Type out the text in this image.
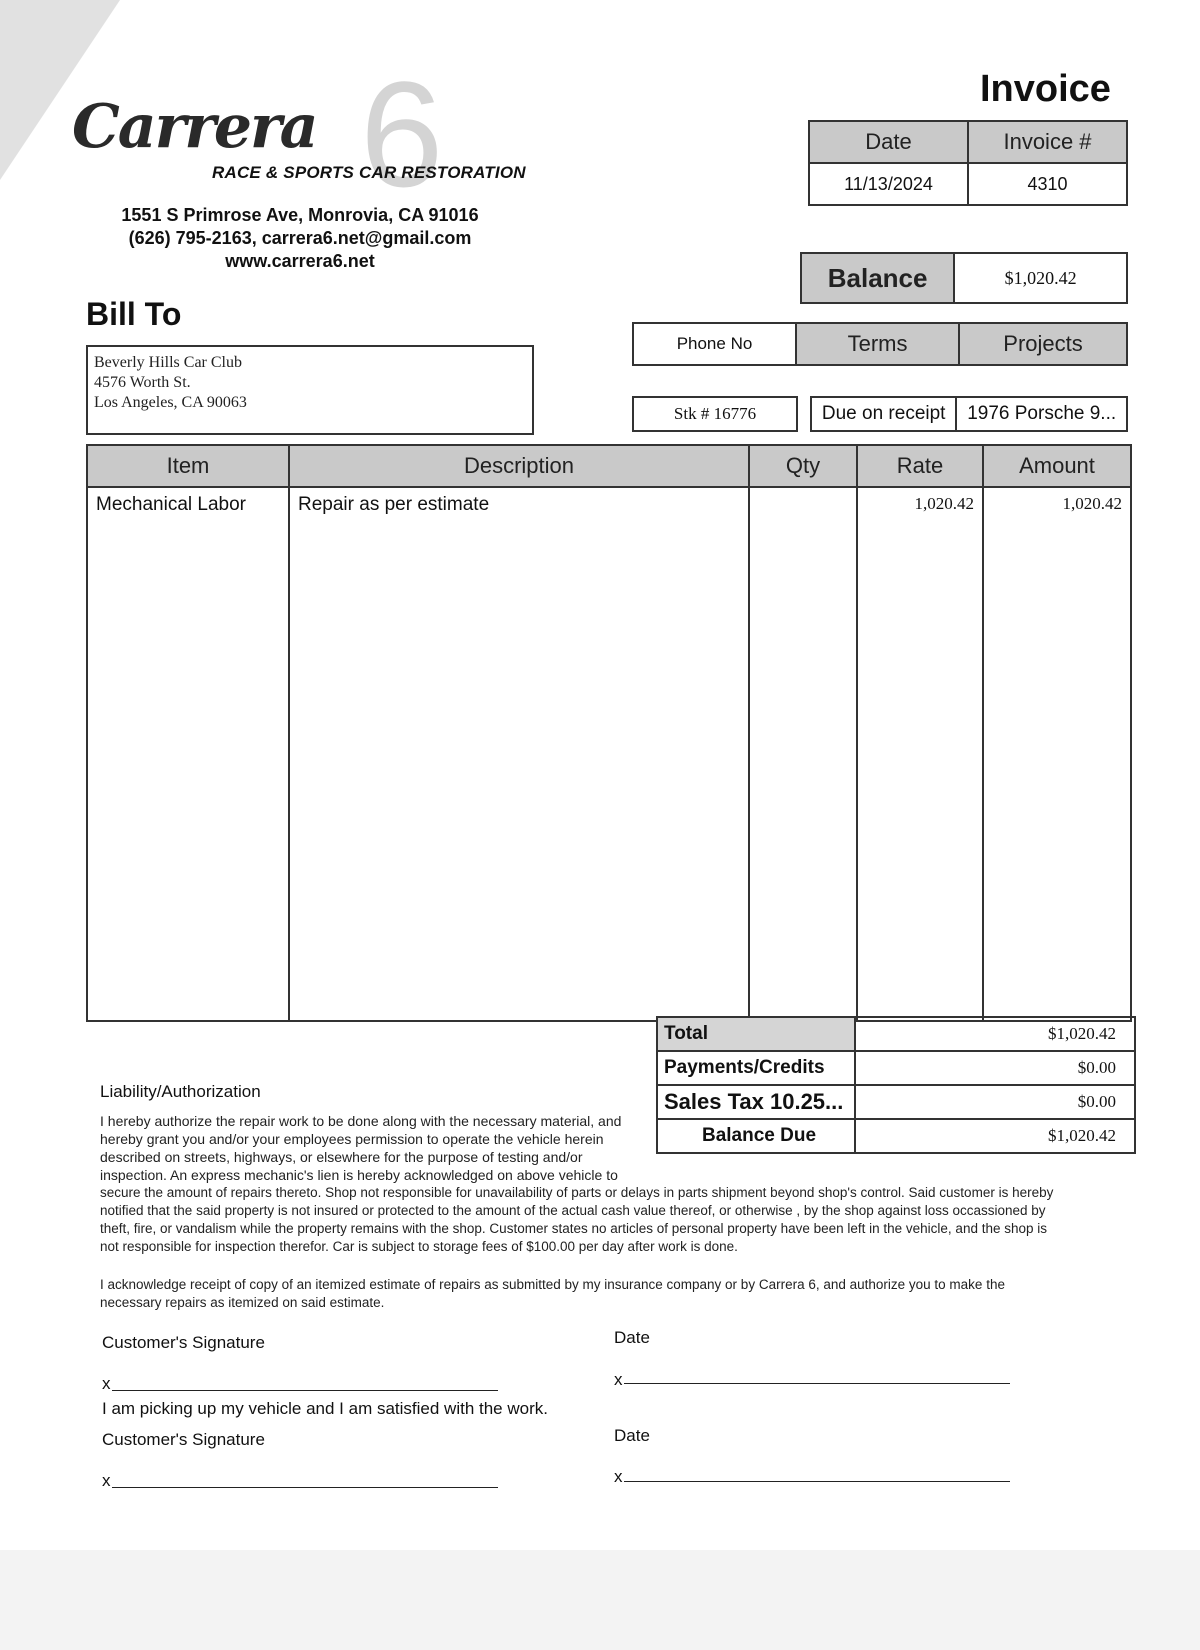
6
Carrera
RACE & SPORTS CAR RESTORATION
1551 S Primrose Ave, Monrovia, CA 91016
(626) 795-2163, carrera6.net@gmail.com
www.carrera6.net
Invoice
Date	Invoice #
11/13/2024	4310
Balance	$1,020.42
Bill To
Beverly Hills Car Club
4576 Worth St.
Los Angeles, CA 90063
Phone No	Terms	Projects
Stk # 16776	Due on receipt	1976 Porsche 9...
Item	Description	Qty	Rate	Amount
Mechanical Labor	Repair as per estimate		1,020.42	1,020.42
Total	$1,020.42
Payments/Credits	$0.00
Sales Tax 10.25...	$0.00
Balance Due	$1,020.42
Liability/Authorization
I hereby authorize the repair work to be done along with the necessary material, and
hereby grant you and/or your employees permission to operate the vehicle herein
described on streets, highways, or elsewhere for the purpose of testing and/or
inspection. An express mechanic's lien is hereby acknowledged on above vehicle to
secure the amount of repairs thereto. Shop not responsible for unavailability of parts or delays in parts shipment beyond shop's control. Said customer is hereby
notified that the said property is not insured or protected to the amount of the actual cash value thereof, or otherwise , by the shop against loss occassioned by
theft, fire, or vandalism while the property remains with the shop. Customer states no articles of personal property have been left in the vehicle, and the shop is
not responsible for inspection therefor. Car is subject to storage fees of $100.00 per day after work is done.
I acknowledge receipt of copy of an itemized estimate of repairs as submitted by my insurance company or by Carrera 6, and authorize you to make the
necessary repairs as itemized on said estimate.
Customer's Signature	Date
x	x
I am picking up my vehicle and I am satisfied with the work.
Customer's Signature	Date
x	x
